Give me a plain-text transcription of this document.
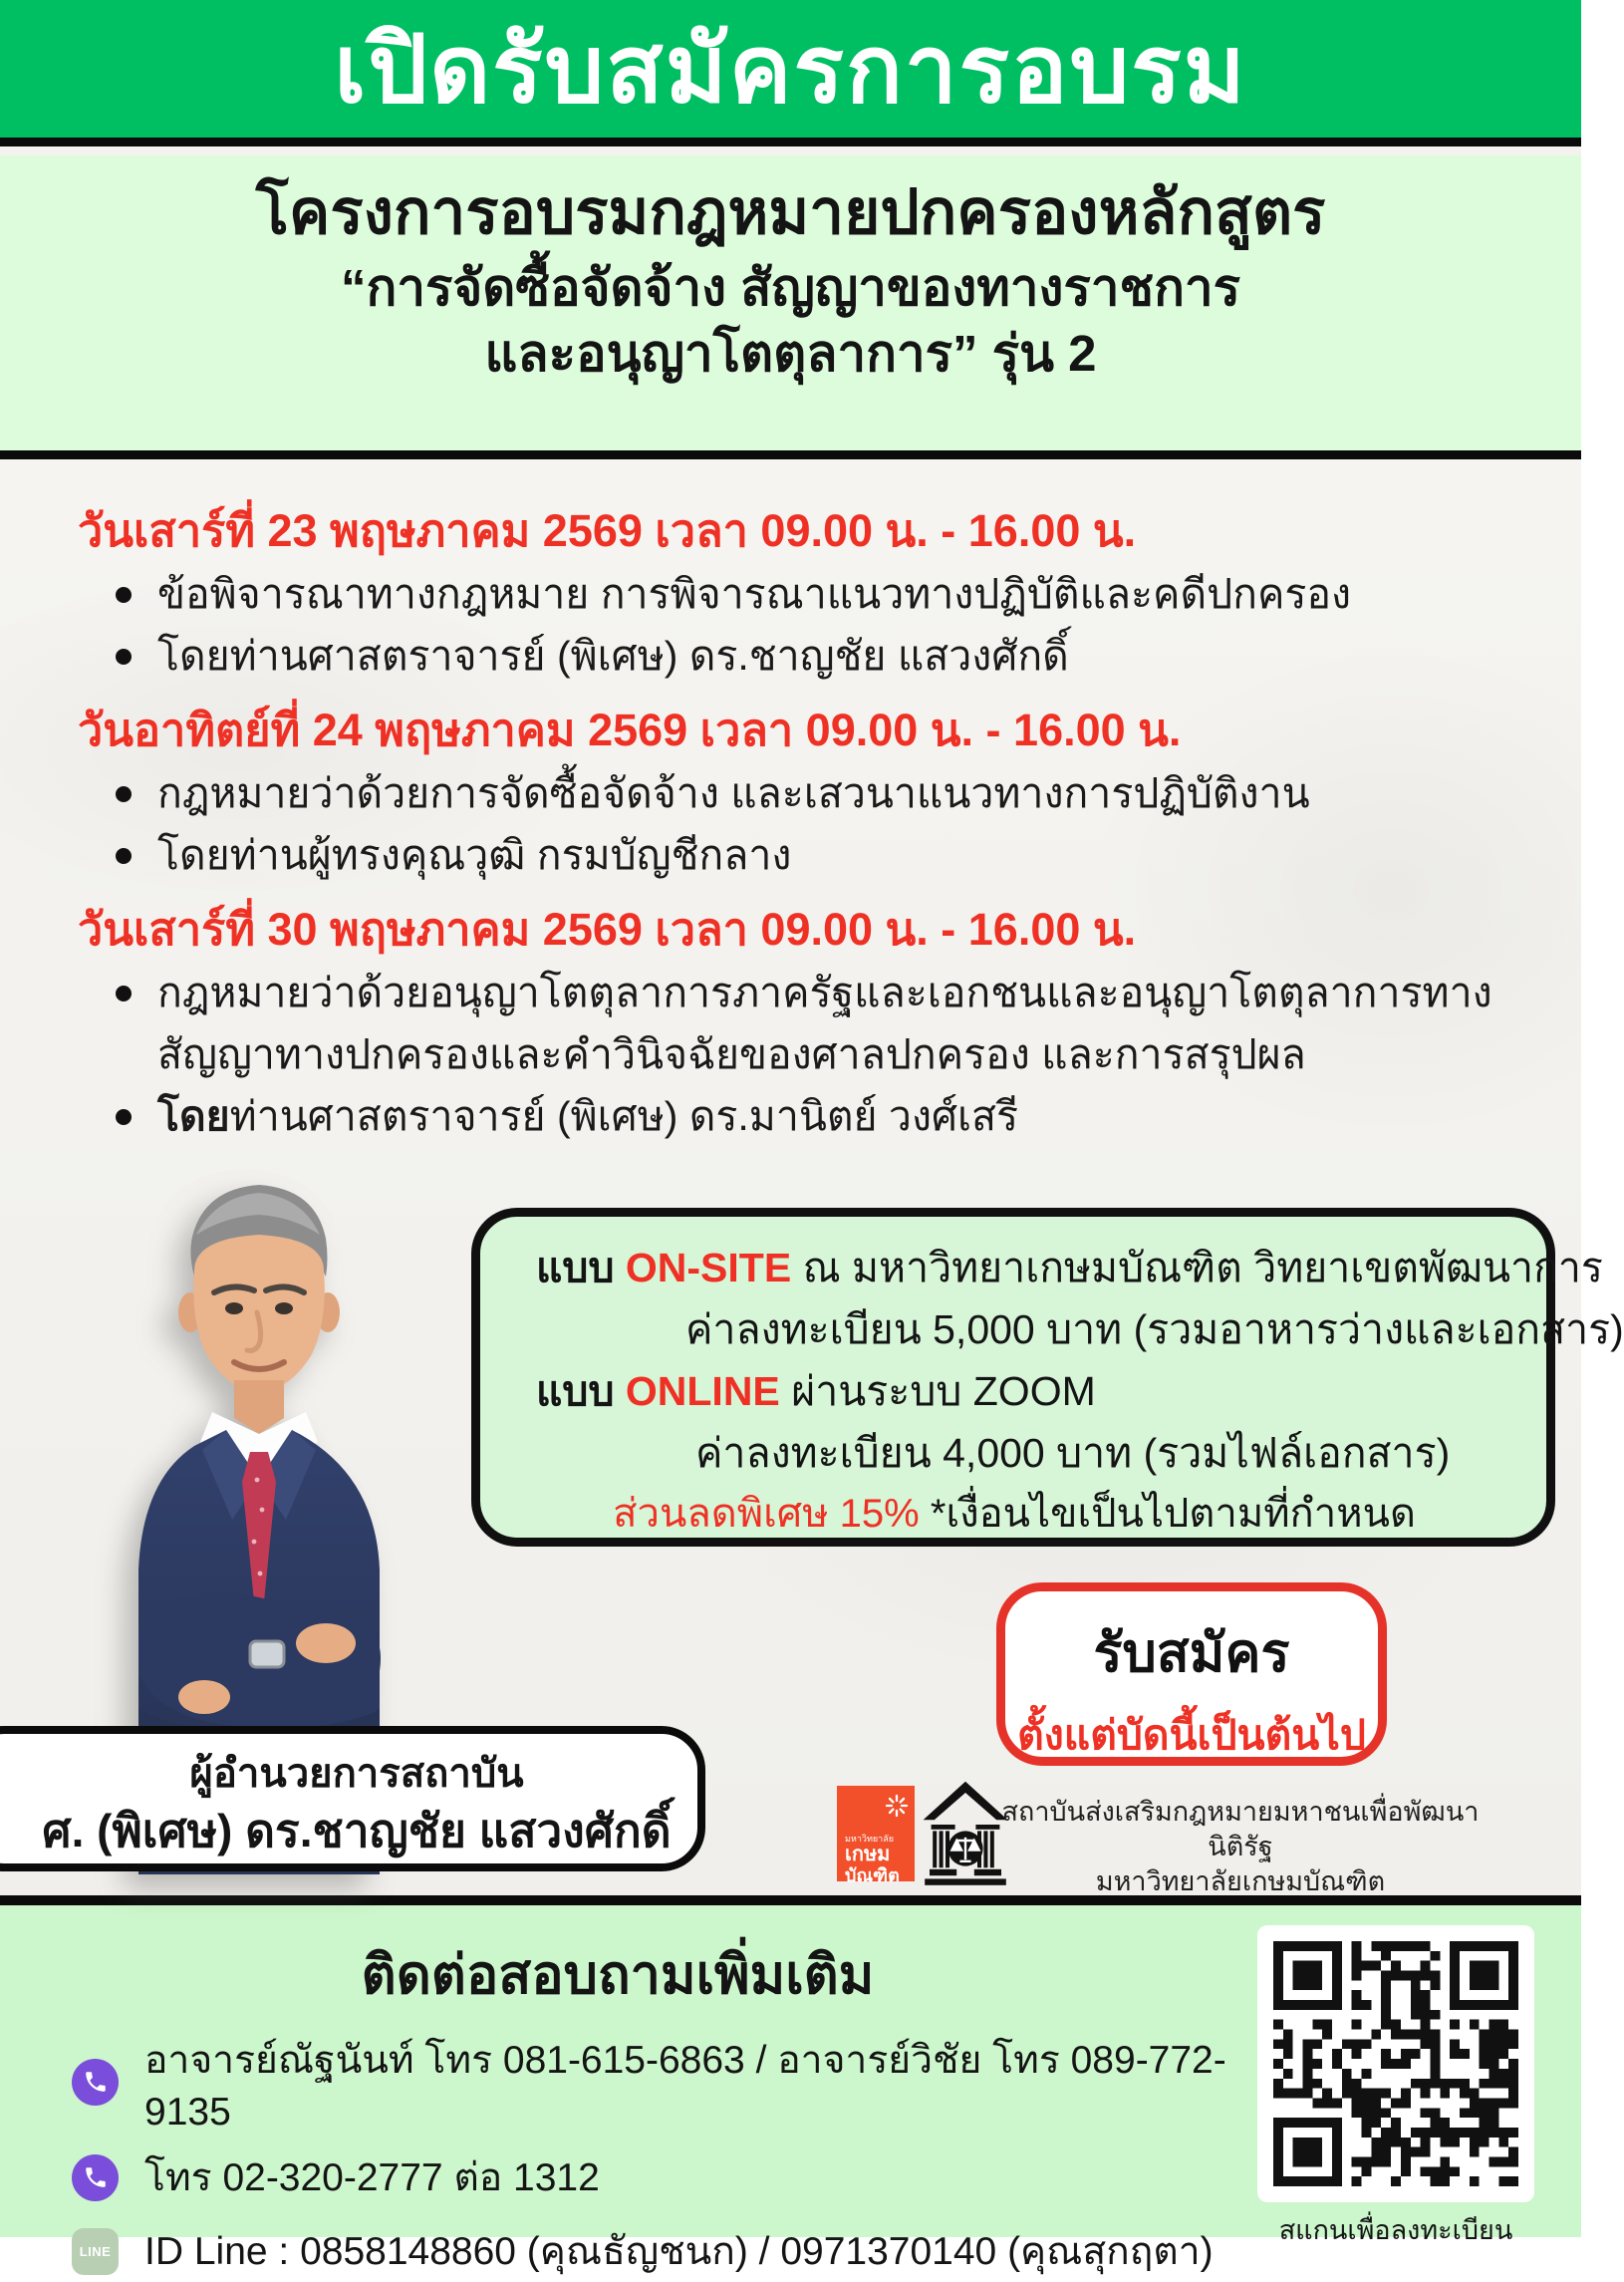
เปิดรับสมัครการอบรม
โครงการอบรมกฎหมายปกครองหลักสูตร
“การจัดซื้อจัดจ้าง สัญญาของทางราชการ
และอนุญาโตตุลาการ” รุ่น 2
วันเสาร์ที่ 23 พฤษภาคม 2569 เวลา 09.00 น. - 16.00 น.
ข้อพิจารณาทางกฎหมาย การพิจารณาแนวทางปฏิบัติและคดีปกครอง
โดยท่านศาสตราจารย์ (พิเศษ) ดร.ชาญชัย แสวงศักดิ์
วันอาทิตย์ที่ 24 พฤษภาคม 2569 เวลา 09.00 น. - 16.00 น.
กฎหมายว่าด้วยการจัดซื้อจัดจ้าง และเสวนาแนวทางการปฏิบัติงาน
โดยท่านผู้ทรงคุณวุฒิ กรมบัญชีกลาง
วันเสาร์ที่ 30 พฤษภาคม 2569 เวลา 09.00 น. - 16.00 น.
กฎหมายว่าด้วยอนุญาโตตุลาการภาครัฐและเอกชนและอนุญาโตตุลาการทาง
สัญญาทางปกครองและคำวินิจฉัยของศาลปกครอง และการสรุปผล
โดยท่านศาสตราจารย์ (พิเศษ) ดร.มานิตย์ วงศ์เสรี
แบบ ON-SITE ณ มหาวิทยาเกษมบัณฑิต วิทยาเขตพัฒนาการ
ค่าลงทะเบียน 5,000 บาท (รวมอาหารว่างและเอกสาร)
แบบ ONLINE ผ่านระบบ ZOOM
ค่าลงทะเบียน 4,000 บาท (รวมไฟล์เอกสาร)
ส่วนลดพิเศษ 15% *เงื่อนไขเป็นไปตามที่กำหนด
รับสมัคร
ตั้งแต่บัดนี้เป็นต้นไป
ผู้อำนวยการสถาบัน
ศ. (พิเศษ) ดร.ชาญชัย แสวงศักดิ์	มหาวิทยาลัย
เกษม
บัณฑิต
สถาบันส่งเสริมกฎหมายมหาชนเพื่อพัฒนานิติรัฐ
มหาวิทยาลัยเกษมบัณฑิต
ติดต่อสอบถามเพิ่มเติม
อาจารย์ณัฐนันท์ โทร 081-615-6863 / อาจารย์วิชัย โทร 089-772-9135
โทร 02-320-2777 ต่อ 1312
LINE ID Line : 0858148860 (คุณธัญชนก) / 0971370140 (คุณสุกฤตา)	สแกนเพื่อลงทะเบียน
